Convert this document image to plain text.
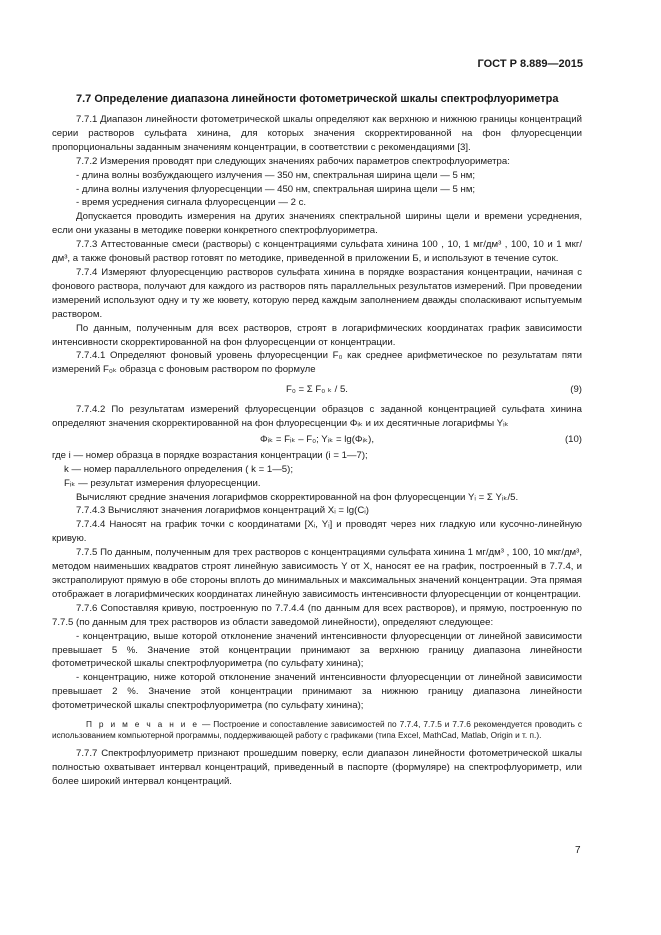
ГОСТ Р 8.889—2015
7.7 Определение диапазона линейности фотометрической шкалы спектрофлуориметра

7.7.1 Диапазон линейности фотометрической шкалы определяют как верхнюю и нижнюю границы концентраций серии растворов сульфата хинина, для которых значения скорректированной на фон флуоресценции пропорциональны заданным значениям концентрации, в соответствии с рекомендациями [3].

7.7.2 Измерения проводят при следующих значениях рабочих параметров спектрофлуориметра:

- длина волны возбуждающего излучения — 350 нм, спектральная ширина щели — 5 нм;

- длина волны излучения флуоресценции — 450 нм, спектральная ширина щели — 5 нм;

- время усреднения сигнала флуоресценции — 2 с.

Допускается проводить измерения на других значениях спектральной ширины щели и времени усреднения, если они указаны в методике поверки конкретного спектрофлуориметра.

7.7.3 Аттестованные смеси (растворы) с концентрациями сульфата хинина 100 , 10, 1 мг/дм³ , 100, 10 и 1 мкг/дм³, а также фоновый раствор готовят по методике, приведенной в приложении Б, и используют в течение суток.

7.7.4 Измеряют флуоресценцию растворов сульфата хинина в порядке возрастания концентрации, начиная с фонового раствора, получают для каждого из растворов пять параллельных результатов измерений. При проведении измерений используют одну и ту же кювету, которую перед каждым заполнением дважды споласкивают испытуемым раствором.

По данным, полученным для всех растворов, строят в логарифмических координатах график зависимости интенсивности скорректированной на фон флуоресценции от концентрации.

7.7.4.1 Определяют фоновый уровень флуоресценции F₀ как среднее арифметическое по результатам пяти измерений F₀ₖ образца с фоновым раствором по формуле

F₀ = Σ F₀ ₖ / 5.	(9)

7.7.4.2 По результатам измерений флуоресценции образцов с заданной концентрацией сульфата хинина определяют значения скорректированной на фон флуоресценции Φᵢₖ и их десятичные логарифмы Yᵢₖ

Φᵢₖ = Fᵢₖ – F₀; Yᵢₖ = lg(Φᵢₖ),	(10)

где i — номер образца в порядке возрастания концентрации (i = 1—7);

k — номер параллельного определения ( k = 1—5);

Fᵢₖ — результат измерения флуоресценции.

Вычисляют средние значения логарифмов скорректированной на фон флуоресценции Yᵢ = Σ Yᵢₖ/5.

7.7.4.3 Вычисляют значения логарифмов концентраций Xᵢ = lg(Cᵢ)

7.7.4.4 Наносят на график точки с координатами [Xᵢ, Yᵢ] и проводят через них гладкую или кусочно-линейную кривую.

7.7.5 По данным, полученным для трех растворов с концентрациями сульфата хинина 1 мг/дм³ , 100, 10 мкг/дм³, методом наименьших квадратов строят линейную зависимость Y от X, наносят ее на график, построенный в 7.7.4, и экстраполируют прямую в обе стороны вплоть до минимальных и максимальных значений концентрации. Эта прямая отображает в логарифмических координатах линейную зависимость интенсивности флуоресценции от концентрации.

7.7.6 Сопоставляя кривую, построенную по 7.7.4.4 (по данным для всех растворов), и прямую, построенную по 7.7.5 (по данным для трех растворов из области заведомой линейности), определяют следующее:

- концентрацию, выше которой отклонение значений интенсивности флуоресценции от линейной зависимости превышает 5 %. Значение этой концентрации принимают за верхнюю границу диапазона линейности фотометрической шкалы спектрофлуориметра (по сульфату хинина);

- концентрацию, ниже которой отклонение значений интенсивности флуоресценции от линейной зависимости превышает 2 %. Значение этой концентрации принимают за нижнюю границу диапазона линейности фотометрической шкалы спектрофлуориметра (по сульфату хинина);

П р и м е ч а н и е — Построение и сопоставление зависимостей по 7.7.4, 7.7.5 и 7.7.6 рекомендуется проводить с использованием компьютерной программы, поддерживающей работу с графиками (типа Excel, MathCad, Matlab, Origin и т. п.).

7.7.7 Спектрофлуориметр признают прошедшим поверку, если диапазон линейности фотометрической шкалы полностью охватывает интервал концентраций, приведенный в паспорте (формуляре) на спектрофлуориметр, или более широкий интервал концентраций.

7
